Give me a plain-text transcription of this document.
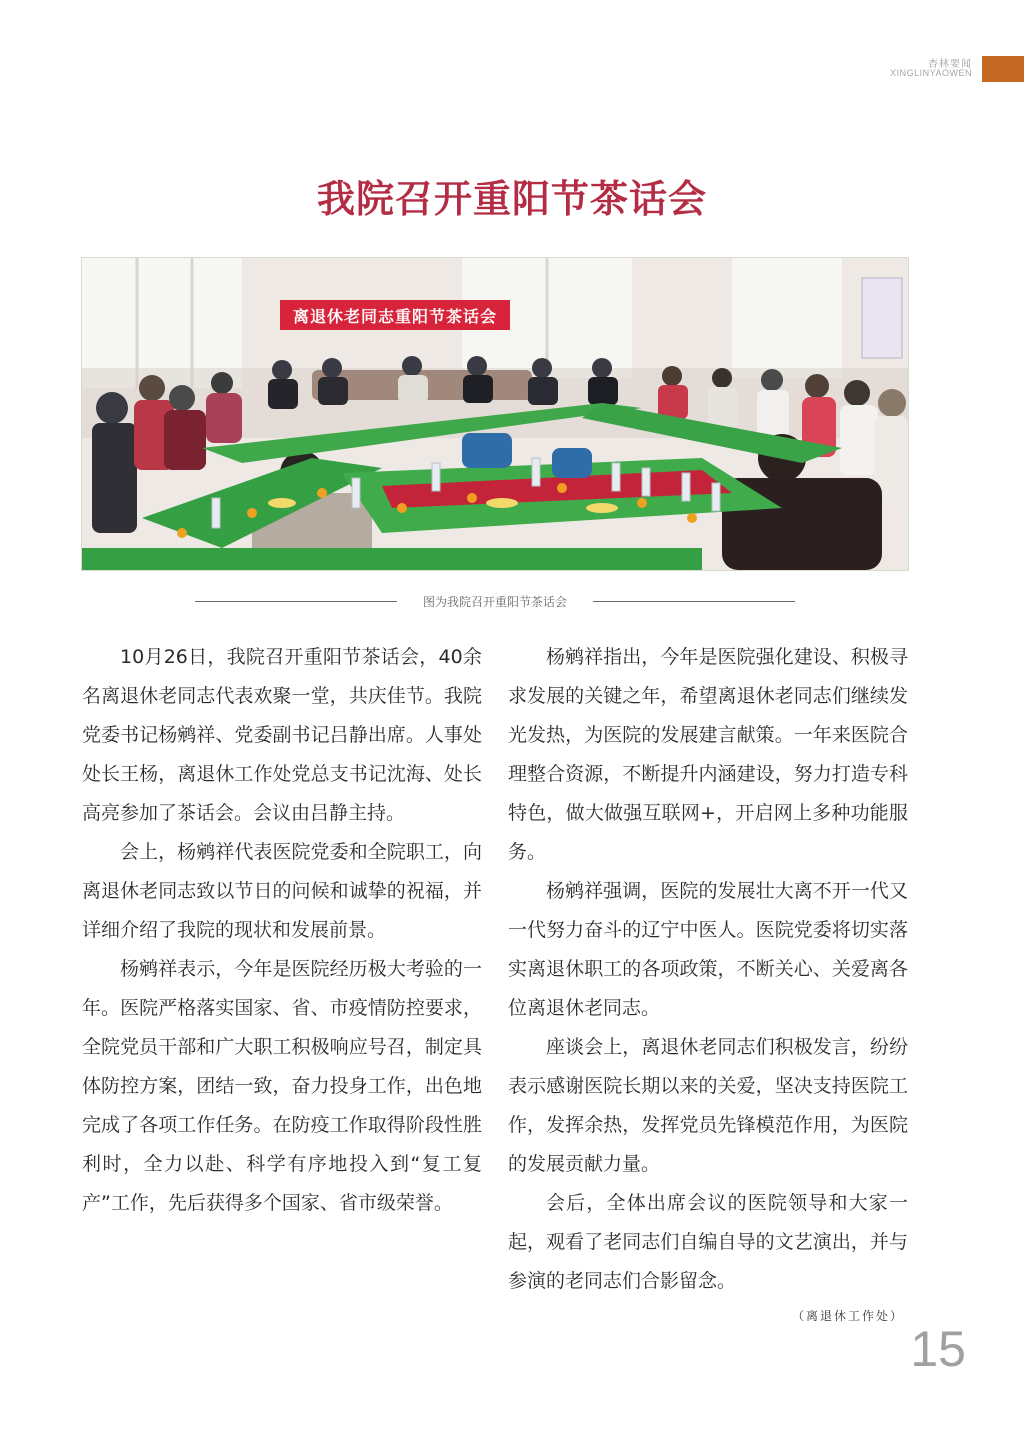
杏林要闻
XINGLINYAOWEN
我院召开重阳节茶话会
离退休老同志重阳节茶话会
图为我院召开重阳节茶话会

10月26日，我院召开重阳节茶话会，40余名离退休老同志代表欢聚一堂，共庆佳节。我院党委书记杨鹓祥、党委副书记吕静出席。人事处处长王杨，离退休工作处党总支书记沈海、处长高亮参加了茶话会。会议由吕静主持。

会上，杨鹓祥代表医院党委和全院职工，向离退休老同志致以节日的问候和诚挚的祝福，并详细介绍了我院的现状和发展前景。

杨鹓祥表示，今年是医院经历极大考验的一年。医院严格落实国家、省、市疫情防控要求，全院党员干部和广大职工积极响应号召，制定具体防控方案，团结一致，奋力投身工作，出色地完成了各项工作任务。在防疫工作取得阶段性胜利时，全力以赴、科学有序地投入到“复工复产”工作，先后获得多个国家、省市级荣誉。

杨鹓祥指出，今年是医院强化建设、积极寻求发展的关键之年，希望离退休老同志们继续发光发热，为医院的发展建言献策。一年来医院合理整合资源，不断提升内涵建设，努力打造专科特色，做大做强互联网+，开启网上多种功能服务。

杨鹓祥强调，医院的发展壮大离不开一代又一代努力奋斗的辽宁中医人。医院党委将切实落实离退休职工的各项政策，不断关心、关爱离各位离退休老同志。

座谈会上，离退休老同志们积极发言，纷纷表示感谢医院长期以来的关爱，坚决支持医院工作，发挥余热，发挥党员先锋模范作用，为医院的发展贡献力量。

会后，全体出席会议的医院领导和大家一起，观看了老同志们自编自导的文艺演出，并与参演的老同志们合影留念。

（离退休工作处）
15
